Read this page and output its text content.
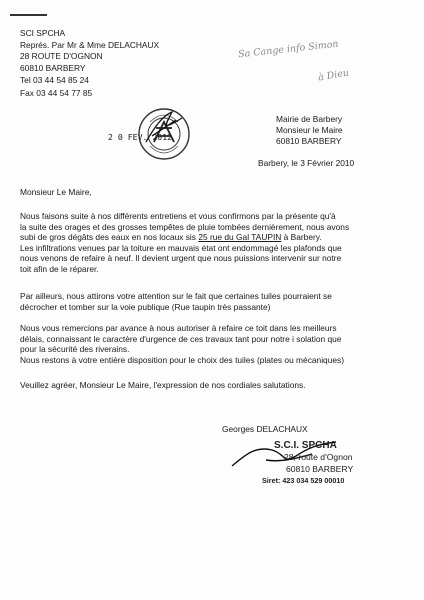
SCI SPCHA
Représ. Par Mr & Mme DELACHAUX
28 ROUTE D'OGNON
60810 BARBERY
Tel 03 44 54 85 24
Fax 03 44 54 77 85
Sa Cange info Simon
à Dieu
2 0 FEV. 2012
Mairie de Barbery
Monsieur le Maire
60810 BARBERY
Barbery, le 3 Février 2010
Monsieur Le Maire,
Nous faisons suite à nos différents entretiens et vous confirmons par la présente qu'à
la suite des orages et des grosses tempêtes de pluie tombées dernièrement, nous avons
subi de gros dégâts des eaux en nos locaux sis 25 rue du Gal TAUPIN à Barbery.
Les infiltrations venues par la toiture en mauvais état ont endommagé les plafonds que
nous venons de refaire à neuf. Il devient urgent que nous puissions intervenir sur notre
toit afin de le réparer.
Par ailleurs, nous attirons votre attention sur le fait que certaines tuiles pourraient se
décrocher et tomber sur la voie publique (Rue taupin très passante)
Nous vous remercions par avance à nous autoriser à refaire ce toit dans les meilleurs
délais, connaissant le caractère d'urgence de ces travaux tant pour notre i solation que
pour la sécurité des riverains.
Nous restons à votre entière disposition pour le choix des tuiles (plates ou mécaniques)
Veuillez agréer, Monsieur Le Maire, l'expression de nos cordiales salutations.
Georges DELACHAUX
S.C.I. SPCHA
28, route d'Ognon
60810 BARBERY
Siret: 423 034 529 00010
